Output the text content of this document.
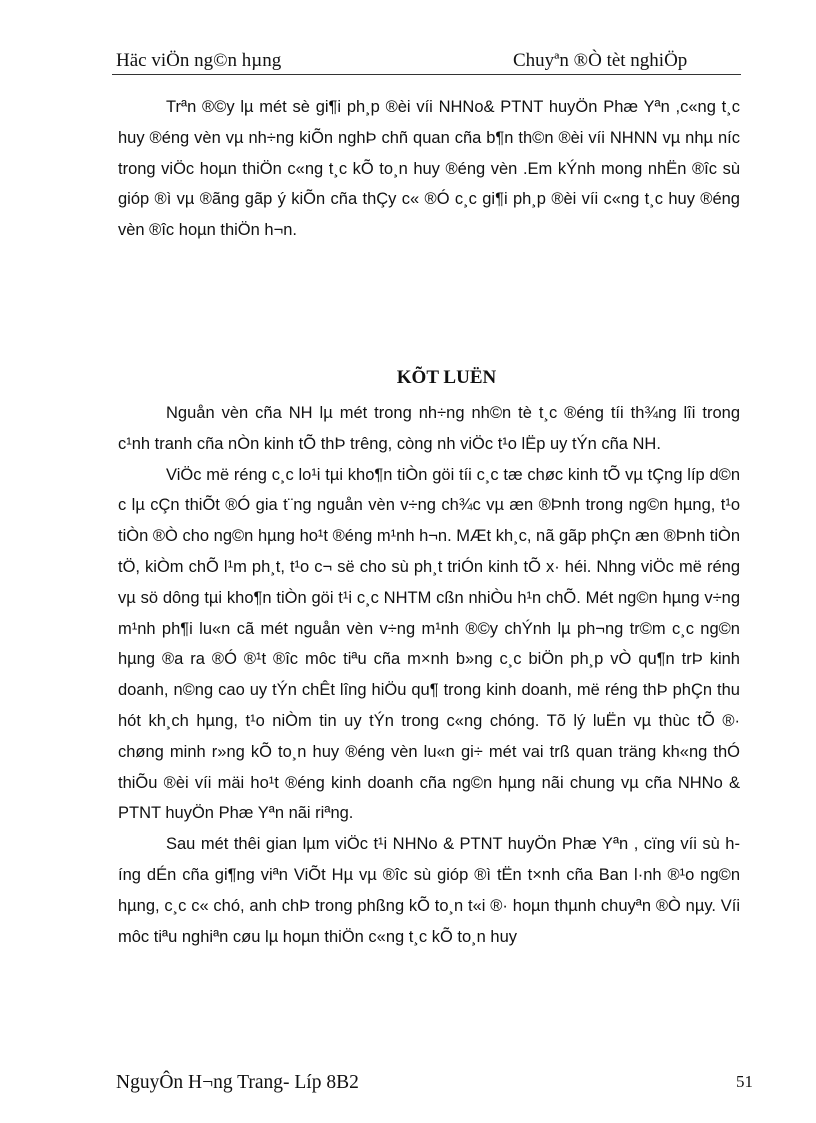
Häc viÖn ng©n hµng	Chuyªn ®Ò tèt nghiÖp

Trªn ®©y lµ mét sè gi¶i ph¸p ®èi víi NHNo& PTNT huyÖn Phæ Yªn ,c«ng t¸c huy ®éng vèn vµ nh÷ng kiÕn nghÞ chñ quan cña b¶n th©n ®èi víi NHNN vµ nhµ níc trong viÖc hoµn thiÖn c«ng t¸c kÕ to¸n huy ®éng vèn .Em kÝnh mong nhËn ®îc sù gióp ®ì vµ ®ãng gãp ý kiÕn cña thÇy c« ®Ó c¸c gi¶i ph¸p ®èi víi c«ng t¸c huy ®éng vèn ®îc hoµn thiÖn h¬n.

KÕT LUËN

Nguån vèn cña NH lµ mét trong nh÷ng nh©n tè t¸c ®éng tíi th¾ng lîi trong c¹nh tranh cña nÒn kinh tÕ thÞ trêng, còng nh viÖc t¹o lËp uy tÝn cña NH.

ViÖc më réng c¸c lo¹i tµi kho¶n tiÒn göi tíi c¸c tæ chøc kinh tÕ vµ tÇng líp d©n c lµ cÇn thiÕt ®Ó gia t¨ng nguån vèn v÷ng ch¾c vµ æn ®Þnh trong ng©n hµng, t¹o tiÒn ®Ò cho ng©n hµng ho¹t ®éng m¹nh h¬n. MÆt kh¸c, nã gãp phÇn æn ®Þnh tiÒn tÖ, kiÒm chÕ l¹m ph¸t, t¹o c¬ së cho sù ph¸t triÓn kinh tÕ x· héi. Nhng viÖc më réng vµ sö dông tµi kho¶n tiÒn göi t¹i c¸c NHTM cßn nhiÒu h¹n chÕ. Mét ng©n hµng v÷ng m¹nh ph¶i lu«n cã mét nguån vèn v÷ng m¹nh ®©y chÝnh lµ ph¬ng tr©m c¸c ng©n hµng ®a ra ®Ó ®¹t ®îc môc tiªu cña m×nh b»ng c¸c biÖn ph¸p vÒ qu¶n trÞ kinh doanh, n©ng cao uy tÝn chÊt lîng hiÖu qu¶ trong kinh doanh, më réng thÞ phÇn thu hót kh¸ch hµng, t¹o niÒm tin uy tÝn trong c«ng chóng. Tõ lý luËn vµ thùc tÕ ®· chøng minh r»ng kÕ to¸n huy ®éng vèn lu«n gi÷ mét vai trß quan träng kh«ng thÓ thiÕu ®èi víi mäi ho¹t ®éng kinh doanh cña ng©n hµng nãi chung vµ cña NHNo & PTNT huyÖn Phæ Yªn nãi riªng.

Sau mét thêi gian lµm viÖc t¹i NHNo & PTNT huyÖn Phæ Yªn , cïng víi sù híng dÉn cña gi¶ng viªn ViÕt Hµ vµ ®îc sù gióp ®ì tËn t×nh cña Ban l·nh ®¹o ng©n hµng, c¸c c« chó, anh chÞ trong phßng kÕ to¸n t«i ®· hoµn thµnh chuyªn ®Ò nµy. Víi môc tiªu nghiªn cøu lµ hoµn thiÖn c«ng t¸c kÕ to¸n huy

NguyÔn H¬ng Trang- Líp 8B2	51
